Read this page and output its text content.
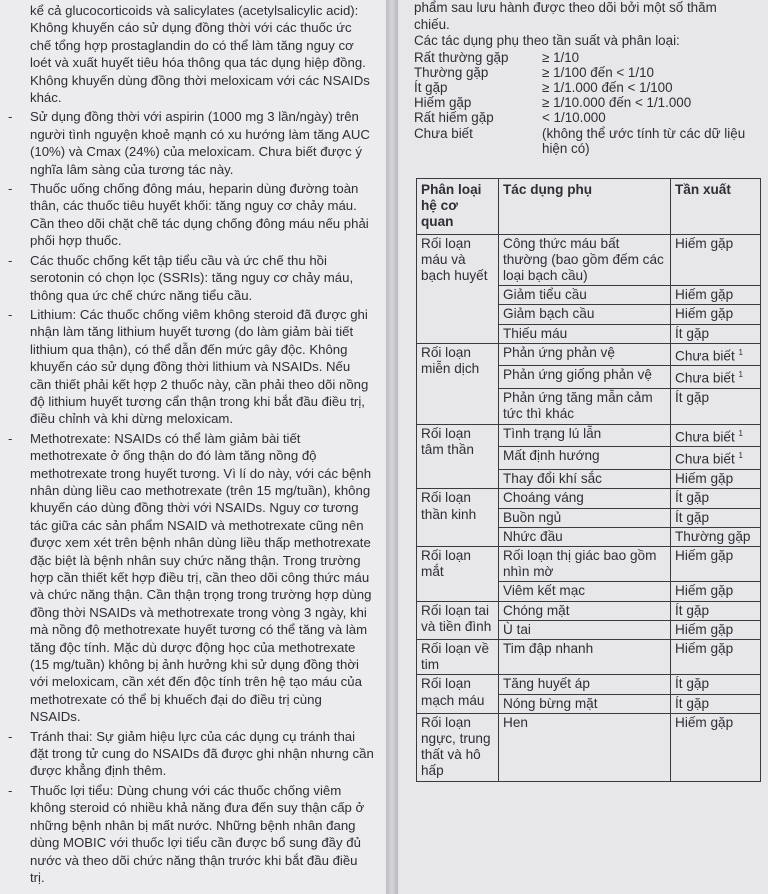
kể cả glucocorticoids và salicylates (acetylsalicylic acid): Không khuyến cáo sử dụng đồng thời với các thuốc ức chế tổng hợp prostaglandin do có thể làm tăng nguy cơ loét và xuất huyết tiêu hóa thông qua tác dụng hiệp đồng. Không khuyến dùng đồng thời meloxicam với các NSAIDs khác.
-	Sử dụng đồng thời với aspirin (1000 mg 3 lần/ngày) trên người tình nguyện khoẻ mạnh có xu hướng làm tăng AUC (10%) và Cmax (24%) của meloxicam. Chưa biết được ý nghĩa lâm sàng của tương tác này.
-	Thuốc uống chống đông máu, heparin dùng đường toàn thân, các thuốc tiêu huyết khối: tăng nguy cơ chảy máu. Cần theo dõi chặt chẽ tác dụng chống đông máu nếu phải phối hợp thuốc.
-	Các thuốc chống kết tập tiểu cầu và ức chế thu hồi serotonin có chọn lọc (SSRIs): tăng nguy cơ chảy máu, thông qua ức chế chức năng tiểu cầu.
-	Lithium: Các thuốc chống viêm không steroid đã được ghi nhận làm tăng lithium huyết tương (do làm giảm bài tiết lithium qua thận), có thể dẫn đến mức gây độc. Không khuyến cáo sử dụng đồng thời lithium và NSAIDs. Nếu cần thiết phải kết hợp 2 thuốc này, cần phải theo dõi nồng độ lithium huyết tương cẩn thận trong khi bắt đầu điều trị, điều chỉnh và khi dừng meloxicam.
-	Methotrexate: NSAIDs có thể làm giảm bài tiết methotrexate ở ống thận do đó làm tăng nồng độ methotrexate trong huyết tương. Vì lí do này, với các bệnh nhân dùng liều cao methotrexate (trên 15 mg/tuần), không khuyến cáo dùng đồng thời với NSAIDs. Nguy cơ tương tác giữa các sản phẩm NSAID và methotrexate cũng nên được xem xét trên bệnh nhân dùng liều thấp methotrexate đặc biệt là bệnh nhân suy chức năng thận. Trong trường hợp cần thiết kết hợp điều trị, cần theo dõi công thức máu và chức năng thận. Cần thận trọng trong trường hợp dùng đồng thời NSAIDs và methotrexate trong vòng 3 ngày, khi mà nồng độ methotrexate huyết tương có thể tăng và làm tăng độc tính. Mặc dù dược động học của methotrexate (15 mg/tuần) không bị ảnh hưởng khi sử dụng đồng thời với meloxicam, cần xét đến độc tính trên hệ tạo máu của methotrexate có thể bị khuếch đại do điều trị cùng NSAIDs.
-	Tránh thai: Sự giảm hiệu lực của các dụng cụ tránh thai đặt trong tử cung do NSAIDs đã được ghi nhận nhưng cần được khẳng định thêm.
-	Thuốc lợi tiểu: Dùng chung với các thuốc chống viêm không steroid có nhiều khả năng đưa đến suy thận cấp ở những bệnh nhân bị mất nước. Những bệnh nhân đang dùng MOBIC với thuốc lợi tiểu cần được bổ sung đầy đủ nước và theo dõi chức năng thận trước khi bắt đầu điều trị.

phẩm sau lưu hành được theo dõi bởi một số thăm

chiếu.

Các tác dụng phụ theo tần suất và phân loại:

Rất thường gặp	≥ 1/10
Thường gặp	≥ 1/100 đến < 1/10
Ít gặp	≥ 1/1.000 đến < 1/100
Hiếm gặp	≥ 1/10.000 đến < 1/1.000
Rất hiếm gặp	< 1/10.000
Chưa biết	(không thể ước tính từ các dữ liệu hiện có)
Phân loại hệ cơ quan	Tác dụng phụ	Tần xuất
Rối loạn máu và bạch huyết	Công thức máu bất thường (bao gồm đếm các loại bạch cầu)	Hiếm gặp
	Giảm tiểu cầu	Hiếm gặp
	Giảm bạch cầu	Hiếm gặp
	Thiếu máu	Ít gặp
Rối loạn miễn dịch	Phản ứng phản vệ	Chưa biết $^1$
	Phản ứng giống phản vệ	Chưa biết $^1$
	Phản ứng tăng mẫn cảm tức thì khác	Ít gặp
Rối loạn tâm thần	Tình trạng lú lẫn	Chưa biết $^1$
	Mất định hướng	Chưa biết $^1$
	Thay đổi khí sắc	Hiếm gặp
Rối loạn thần kinh	Choáng váng	Ít gặp
	Buồn ngủ	Ít gặp
	Nhức đầu	Thường gặp
Rối loạn mắt	Rối loạn thị giác bao gồm nhìn mờ	Hiếm gặp
	Viêm kết mạc	Hiếm gặp
Rối loạn tai và tiền đình	Chóng mặt	Ít gặp
	Ù tai	Hiếm gặp
Rối loạn về tim	Tim đập nhanh	Hiếm gặp
Rối loạn mạch máu	Tăng huyết áp	Ít gặp
	Nóng bừng mặt	Ít gặp
Rối loạn ngực, trung thất và hô hấp	Hen	Hiếm gặp
